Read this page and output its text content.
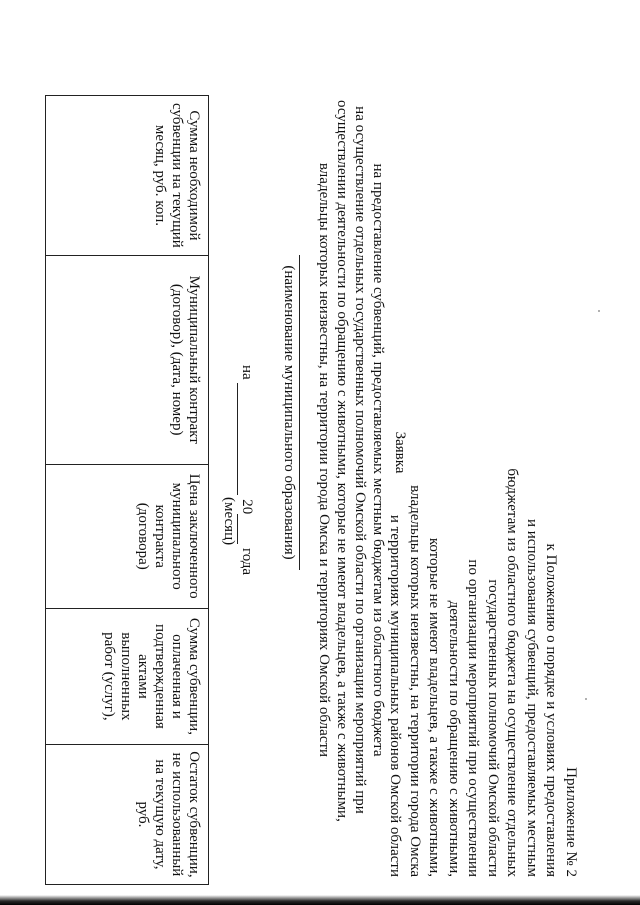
Приложение № 2
к Положению о порядке и условиях предоставления
и использования субвенций, предоставляемых местным
бюджетам из областного бюджета на осуществление отдельных
государственных полномочий Омской области
по организации мероприятий при осуществлении
деятельности по обращению с животными,
которые не имеют владельцев, а также с животными,
владельцы которых неизвестны, на территории города Омска
и территориях муниципальных районов Омской области
Заявка
на предоставление субвенций, предоставляемых местным бюджетам из областного бюджета
на осуществление отдельных государственных полномочий Омской области по организации мероприятий при
осуществлении деятельности по обращению с животными, которые не имеют владельцев, а также с животными,
владельцы которых неизвестны, на территории города Омска и территориях Омской области
(наименование муниципального образования)
на   20  года
(месяц)
Сумма необходимой субвенции на текущий месяц, руб. коп.	Муниципальный контракт (договор), (дата, номер)	Цена заключенного муниципального контракта (договора)	Сумма субвенции, оплаченная и подтвержденная актами выполненных работ (услуг),	Остаток субвенции, не использованный на текущую дату, руб.
